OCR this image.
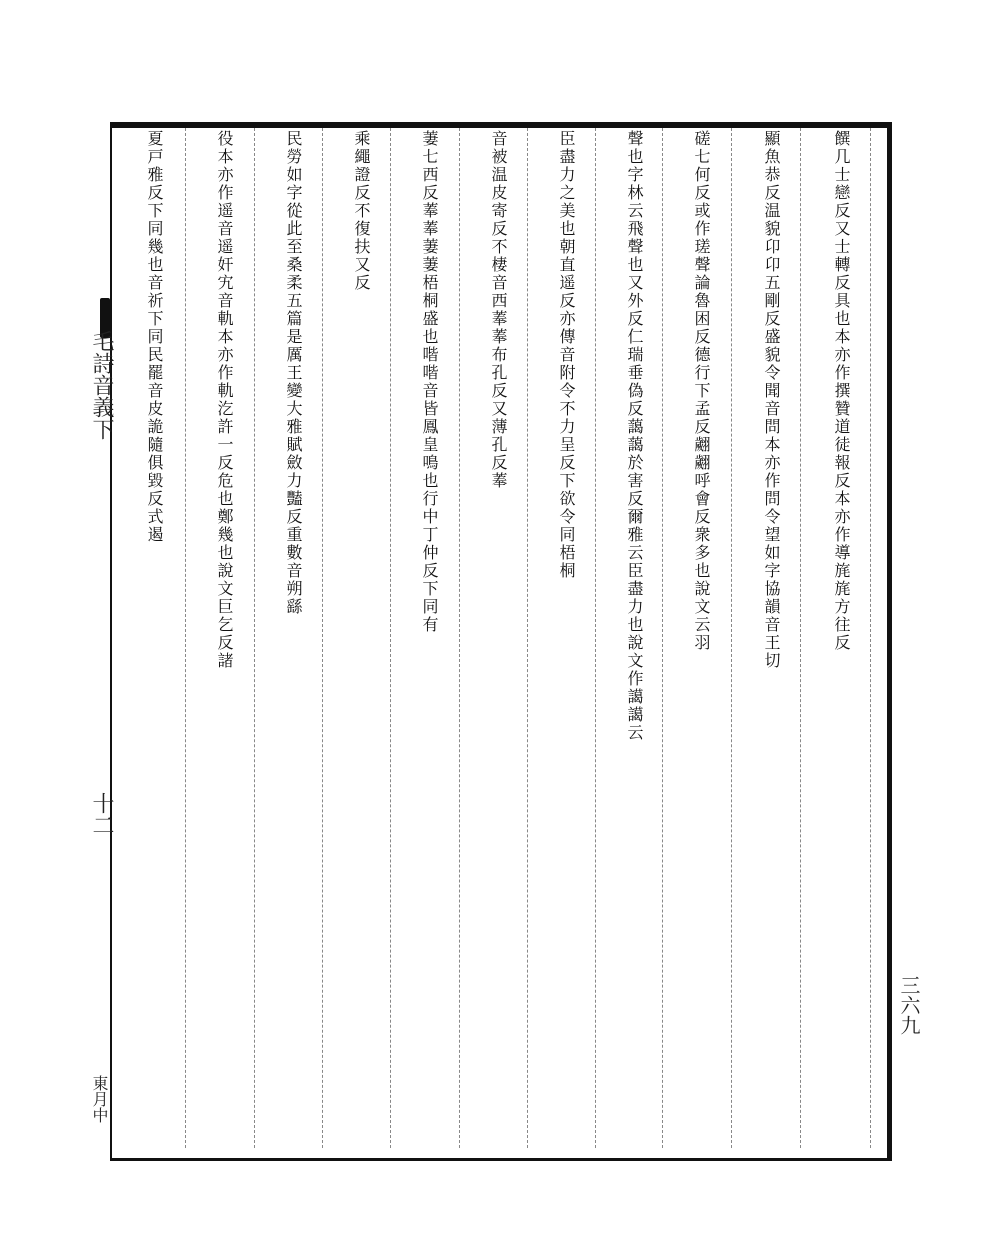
饌几士戀反又士轉反具也本亦作撰贊道徒報反本亦作導旄旄方往反
顯魚恭反温貌卬卬五剛反盛貌令聞音問本亦作問令望如字協韻音王切
磋七何反或作瑳聲論魯困反德行下孟反翽翽呼會反衆多也說文云羽
聲也字林云飛聲也又外反仁瑞垂偽反藹藹於害反爾雅云臣盡力也說文作譪譪云
臣盡力之美也朝直遥反亦傳音附令不力呈反下欲令同梧桐
音被温皮寄反不棲音西菶菶布孔反又薄孔反菶
萋七西反菶菶萋萋梧桐盛也喈喈音皆鳳皇鳴也行中丁仲反下同有
乘繩證反不復扶又反
民勞如字從此至桑柔五篇是厲王變大雅賦斂力豔反重數音朔繇
役本亦作遥音遥奸宄音軌本亦作軌汔許一反危也鄭幾也說文巨乞反諸
夏戸雅反下同幾也音祈下同民罷音皮詭隨俱毀反式遏
三六九
毛詩音義下
十二
東月中
